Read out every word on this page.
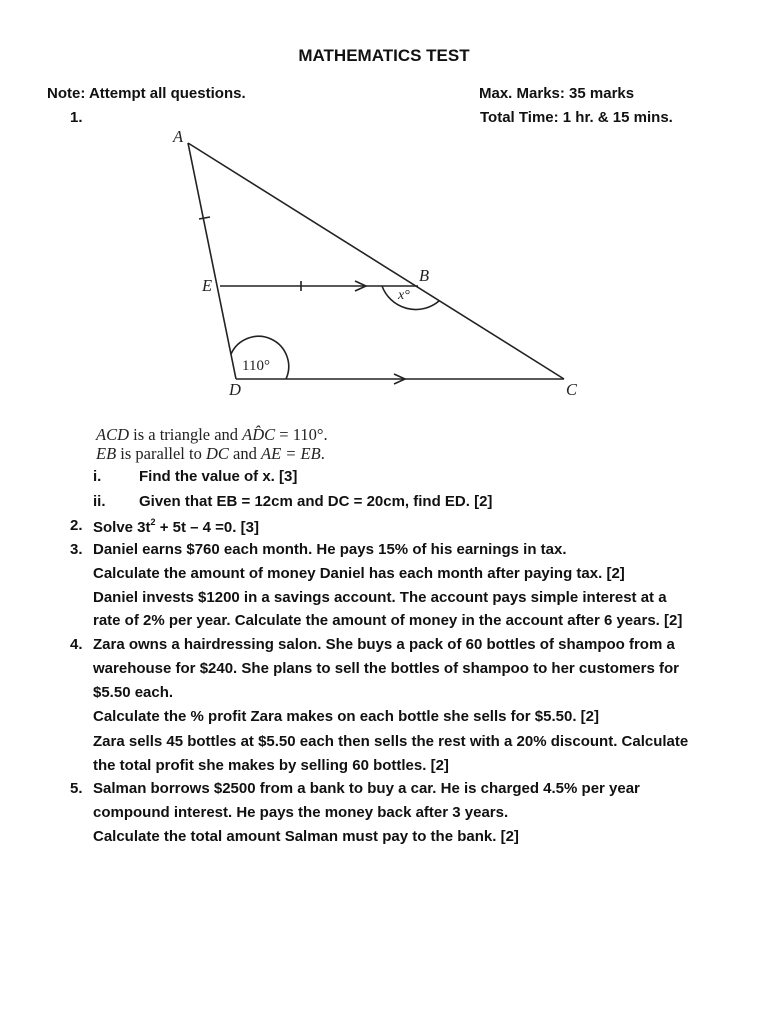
MATHEMATICS TEST
Note: Attempt all questions.	Max. Marks: 35 marks
Total Time: 1 hr. & 15 mins.
1.
A
B
C
D
E
x°
110°
ACD is a triangle and AD̂C = 110°.
EB is parallel to DC and AE = EB.
i.	Find the value of x. [3]
ii. Given that EB = 12cm and DC = 20cm, find ED. [2]
2. Solve $3t^2 + 5t - 4 =0$. [3]
3. Daniel earns $760 each month. He pays 15% of his earnings in tax.
Calculate the amount of money Daniel has each month after paying tax. [2]
Daniel invests $1200 in a savings account. The account pays simple interest at a
rate of 2% per year. Calculate the amount of money in the account after 6 years. [2]
4. Zara owns a hairdressing salon. She buys a pack of 60 bottles of shampoo from a
warehouse for $240. She plans to sell the bottles of shampoo to her customers for
$5.50 each.
Calculate the % profit Zara makes on each bottle she sells for $5.50. [2]
Zara sells 45 bottles at $5.50 each then sells the rest with a 20% discount. Calculate
the total profit she makes by selling 60 bottles. [2]
5. Salman borrows $2500 from a bank to buy a car. He is charged 4.5% per year
compound interest. He pays the money back after 3 years.
Calculate the total amount Salman must pay to the bank. [2]
